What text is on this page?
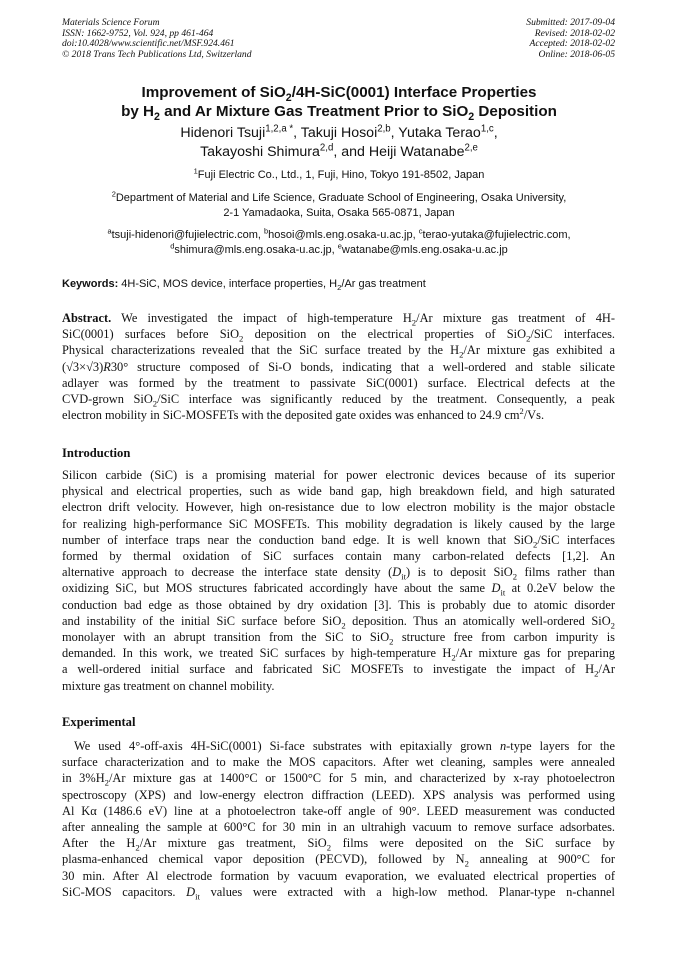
Materials Science Forum
ISSN: 1662-9752, Vol. 924, pp 461-464
doi:10.4028/www.scientific.net/MSF.924.461
© 2018 Trans Tech Publications Ltd, Switzerland
Submitted: 2017-09-04
Revised: 2018-02-02
Accepted: 2018-02-02
Online: 2018-06-05
Improvement of SiO$_2$/4H-SiC(0001) Interface Properties
by $H_2$ and Ar Mixture Gas Treatment Prior to SiO$_2$ Deposition
Hidenori Tsuji$^{1,2,a *}$, Takuji Hosoi$^{2,b}$, Yutaka Terao$^{1,c}$,
Takayoshi Shimura$^{2,d}$, and Heiji Watanabe$^{2,e}$
$^1$Fuji Electric Co., Ltd., 1, Fuji, Hino, Tokyo 191-8502, Japan
$^2$Department of Material and Life Science, Graduate School of Engineering, Osaka University,
2-1 Yamadaoka, Suita, Osaka 565-0871, Japan
$^a$tsuji-hidenori@fujielectric.com, $^b$hosoi@mls.eng.osaka-u.ac.jp, $^c$terao-yutaka@fujielectric.com,
$^d$shimura@mls.eng.osaka-u.ac.jp, $^e$watanabe@mls.eng.osaka-u.ac.jp
Keywords: 4H-SiC, MOS device, interface properties, $H_2/Ar$ gas treatment
Abstract. We investigated the impact of high-temperature $H_2/Ar$ mixture gas treatment of 4H-
SiC(0001) surfaces before SiO$_2$ deposition on the electrical properties of SiO$_2$/SiC interfaces.
Physical characterizations revealed that the SiC surface treated by the $H_2/Ar$ mixture gas exhibited a
(√3×√3)R30° structure composed of Si-O bonds, indicating that a well-ordered and stable silicate
adlayer was formed by the treatment to passivate SiC(0001) surface. Electrical defects at the
CVD-grown SiO$_2$/SiC interface was significantly reduced by the treatment. Consequently, a peak
electron mobility in SiC-MOSFETs with the deposited gate oxides was enhanced to 24.9 $cm^2/Vs$.
Introduction
Silicon carbide (SiC) is a promising material for power electronic devices because of its superior
physical and electrical properties, such as wide band gap, high breakdown field, and high saturated
electron drift velocity. However, high on-resistance due to low electron mobility is the major obstacle
for realizing high-performance SiC MOSFETs. This mobility degradation is likely caused by the large
number of interface traps near the conduction band edge. It is well known that SiO$_2$/SiC interfaces
formed by thermal oxidation of SiC surfaces contain many carbon-related defects [1,2]. An
alternative approach to decrease the interface state density $(D_{it})$ is to deposit SiO$_2$ films rather than
oxidizing SiC, but MOS structures fabricated accordingly have about the same $D_{it}$ at 0.2eV below the
conduction bad edge as those obtained by dry oxidation [3]. This is probably due to atomic disorder
and instability of the initial SiC surface before SiO$_2$ deposition. Thus an atomically well-ordered SiO$_2$
monolayer with an abrupt transition from the SiC to SiO$_2$ structure free from carbon impurity is
demanded. In this work, we treated SiC surfaces by high-temperature $H_2/Ar$ mixture gas for preparing
a well-ordered initial surface and fabricated SiC MOSFETs to investigate the impact of $H_2/Ar$
mixture gas treatment on channel mobility.
Experimental
We used 4°-off-axis 4H-SiC(0001) Si-face substrates with epitaxially grown n-type layers for the
surface characterization and to make the MOS capacitors. After wet cleaning, samples were annealed
in $3\%H_2/Ar$ mixture gas at 1400°C or 1500°C for 5 min, and characterized by x-ray photoelectron
spectroscopy (XPS) and low-energy electron diffraction (LEED). XPS analysis was performed using
Al Kα (1486.6 eV) line at a photoelectron take-off angle of 90°. LEED measurement was conducted
after annealing the sample at 600°C for 30 min in an ultrahigh vacuum to remove surface adsorbates.
After the $H_2/Ar$ mixture gas treatment, SiO$_2$ films were deposited on the SiC surface by
plasma-enhanced chemical vapor deposition (PECVD), followed by $N_2$ annealing at 900°C for
30 min. After Al electrode formation by vacuum evaporation, we evaluated electrical properties of
SiC-MOS capacitors. $D_{it}$ values were extracted with a high-low method. Planar-type n-channel
